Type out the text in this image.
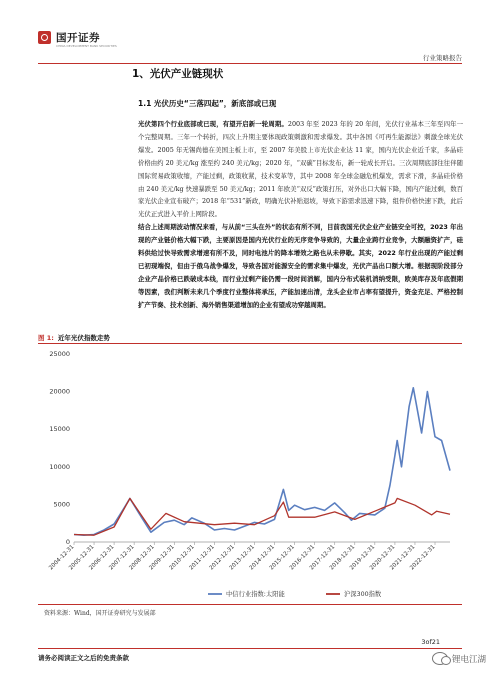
国开证券
CHINA DEVELOPMENT BANK SECURITIES
行业策略报告
1、光伏产业链现状
1.1 光伏历史“三落四起”，新底部或已现
光伏第四个行业底部或已现，有望开启新一轮周期。2003 年至 2023 年的 20 年间，光伏行业基本三年至四年一个完整周期。三年一个转折，四次上升期主要体现政策刺激和需求爆发。其中各国《可再生能源法》刺激全球光伏爆发。2005 年无锡尚德在美国主板上市，至 2007 年美股上市光伏企业达 11 家，国内光伏企业近千家，多晶硅价格由约 20 美元/kg 涨至约 240 美元/kg；2020 年，“双碳”目标发布，新一轮成长开启。三次周期底部往往伴随国际贸易政策收缩，产能过剩，政策收紧，技术变革等，其中 2008 年全球金融危机爆发，需求下滑，多晶硅价格由 240 美元/kg 快速暴跌至 50 美元/kg；2011 年欧美“双反”政策打压，对外出口大幅下降，国内产能过剩，数百家光伏企业宣布破产；2018 年“531”新政，明确光伏补贴退坡，导致下游需求迅速下降，组件价格快速下跌，此后光伏正式进入平价上网阶段。
结合上述周期波动情况来看，与从前“三头在外”的状态有所不同，目前我国光伏企业产业链安全可控，2023 年出现的产业链价格大幅下跌，主要原因是国内光伏行业的无序竞争导致的，大量企业跨行业竞争，大额融资扩产，硅料供给过快导致需求增速有所不及，同时电池片的降本增效之路也从未停歇。其实，2022 年行业出现的产能过剩已初现端倪，但由于俄乌战争爆发，导致各国对能源安全的需求集中爆发，光伏产品出口额大增。根据现阶段部分企业产品价格已跌破成本线，而行业过剩产能仍需一段时间消解，国内分布式装机消纳受限，欧美库存及年底假期等因素，我们判断未来几个季度行业整体将承压，产能加速出清，龙头企业市占率有望提升，资金充足、严格控制扩产节奏、技术创新、海外销售渠道增加的企业有望成功穿越周期。
图 1: 近年光伏指数走势
0
5000
10000
15000
20000
25000
2004-12-31
2005-12-31
2006-12-31
2007-12-31
2008-12-31
2009-12-31
2010-12-31
2011-12-31
2012-12-31
2013-12-31
2014-12-31
2015-12-31
2016-12-31
2017-12-31
2018-12-31
2019-12-31
2020-12-31
2021-12-31
2022-12-31
中信行业指数:太阳能	沪深300指数
资料来源：Wind，国开证券研究与发展部
3of21
请务必阅读正文之后的免责条款	锂电江湖
